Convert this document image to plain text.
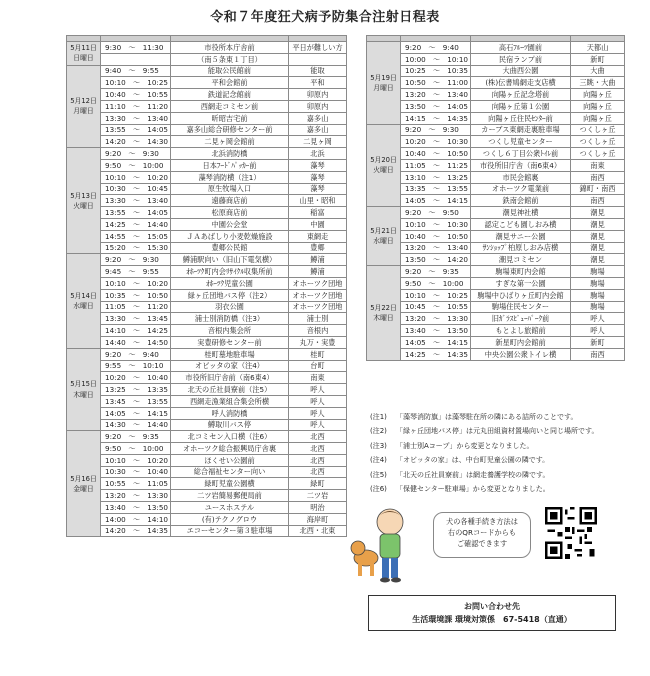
令和７年度狂犬病予防集合注射日程表

5月11日
日曜日	9:30　～　11:30	市役所本庁舎前	平日が難しい方
		（南５条東１丁目）	

5月12日
月曜日	9:40　～　9:55	能取公民館前	能取
	10:10　～　10:25	平和会館前	平和
	10:40　～　10:55	鉄道記念館前	卯原内
	11:10　～　11:20	西網走コミセン前	卯原内
	13:30　～　13:40	昕昭吉宅前	嘉多山
	13:55　～　14:05	嘉多山総合研修センター前	嘉多山
	14:20　～　14:30	二見ヶ岡会館前	二見ヶ岡

5月13日
火曜日	9:20　～　9:30	北浜消防橋	北浜
	9:50　～　10:00	日本ﾌｰﾄﾞﾊﾟｯｶｰ前	藻琴
	10:10　～　10:20	藻琴消防横（注1）	藻琴
	10:30　～　10:45	原生牧場入口	藻琴
	13:30　～　13:40	遠藤商店前	山里・昭和
	13:55　～　14:05	松原商店前	稲富
	14:25　～　14:40	中園公会堂	中園
	14:55　～　15:05	ＪＡあばしり小麦乾燥施設	東網走
	15:20　～　15:30	豊郷公民館	豊郷

5月14日
水曜日	9:20　～　9:30	鱒浦駅向い（旧山下電気横）	鱒浦
	9:45　～　9:55	ｵﾎｰﾂｸ町内会ﾘｻｲｸﾙ収集所前	鱒浦
	10:10　～　10:20	ｵﾎｰﾂｸ児童公園	オホーツク団地
	10:35　～　10:50	緑ヶ丘団地バス停（注2）	オホーツク団地
	11:05　～　11:20	羽衣公園	オホーツク団地
	13:30　～　13:45	浦士別消防橋（注3）	浦士別
	14:10　～　14:25	音根内集会所	音根内
	14:40　～　14:50	実豊研修センター前	丸万・実豊

5月15日
木曜日	9:20　～　9:40	桂町墓地駐車場	桂町
	9:55　～　10:10	オビッタの家（注4）	台町
	10:20　～　10:40	市役所旧庁舎前（南6東4）	南東
	13:25　～　13:35	北天の丘社員寮前（注5）	呼人
	13:45　～　13:55	西網走漁業組合集会所横	呼人
	14:05　～　14:15	呼人消防橋	呼人
	14:30　～　14:40	鱒取川バス停	呼人

5月16日
金曜日	9:20　～　9:35	北コミセン入口横（注6）	北西
	9:50　～　10:00	オホーツク総合振興局庁舎裏	北西
	10:10　～　10:20	ほくせい公園前	北西
	10:30　～　10:40	総合福祉センター向い	北西
	10:55　～　11:05	緑町児童公園横	緑町
	13:20　～　13:30	二ツ岩簡易郵便局前	二ツ岩
	13:40　～　13:50	ユースホステル	明治
	14:00　～　14:10	(有)テクノグロウ	海岸町
	14:20　～　14:35	エコーセンター第３駐車場	北西・北東

5月19日
月曜日	9:20　～　9:40	高石ﾌﾙｰﾂ園前	天都山
	10:00　～　10:10	民宿ランプ前	新町
	10:25　～　10:35	大曲西公園	大曲
	10:50　～　11:00	(株)伝書鳩網走支店横	三眺・大曲
	13:20　～　13:40	向陽ヶ丘記念塔前	向陽ヶ丘
	13:50　～　14:05	向陽ヶ丘第１公園	向陽ヶ丘
	14:15　～　14:35	向陽ヶ丘住民ｾﾝﾀｰ前	向陽ヶ丘

5月20日
火曜日	9:20　～　9:30	カーブス東網走裏駐車場	つくしヶ丘
	10:20　～　10:30	つくし児童センター	つくしヶ丘
	10:40　～　10:50	つくし６丁目公衆ﾄｲﾚ前	つくしヶ丘
	11:05　～　11:25	市役所旧庁舎（南6東4）	南東
	13:10　～　13:25	市民会館裏	南西
	13:35　～　13:55	オホーツク電業前	錦町・南西
	14:05　～　14:15	鉄南会館前	南西

5月21日
水曜日	9:20　～　9:50	潮見神社横	潮見
	10:10　～　10:30	認定こども園しおみ横	潮見
	10:40　～　10:50	潮見サニー公園	潮見
	13:20　～　13:40	ｻﾝｼｮｯﾌﾟ柏原しおみ店横	潮見
	13:50　～　14:20	潮見コミセン	潮見

5月22日
木曜日	9:20　～　9:35	駒場東町内会館	駒場
	9:50　～　10:00	すぎな第一公園	駒場
	10:10　～　10:25	駒場中ひばりヶ丘町内会館	駒場
	10:45　～　10:55	駒場住民センター	駒場
	13:20　～　13:30	旧ｶﾞﾗｽﾋﾞｭｰﾊﾟｰｸ前	呼人
	13:40　～　13:50	もとよし旅館前	呼人
	14:05　～　14:15	新星町内会館前	新町
	14:25　～　14:35	中央公園公衆トイレ横	南西
(注1)	「藻琴消防旗」は藻琴駐在所の隣にある詰所のことです。
(注2)	「緑ヶ丘団地バス停」は元丸田組資材置場向いと同じ場所です。
(注3)	「浦士別Aコープ」から変更となりました。
(注4)	「オビッタの家」は、中台町児童公園の隣です。
(注5)	「北天の丘社員寮前」は網走養護学校の隣です。
(注6)	「保健センター駐車場」から変更となりました。
犬の各種手続き方法は
右のQRコードからも
ご確認できます
お問い合わせ先
生活環境課 環境対策係　67-5418（直通）
